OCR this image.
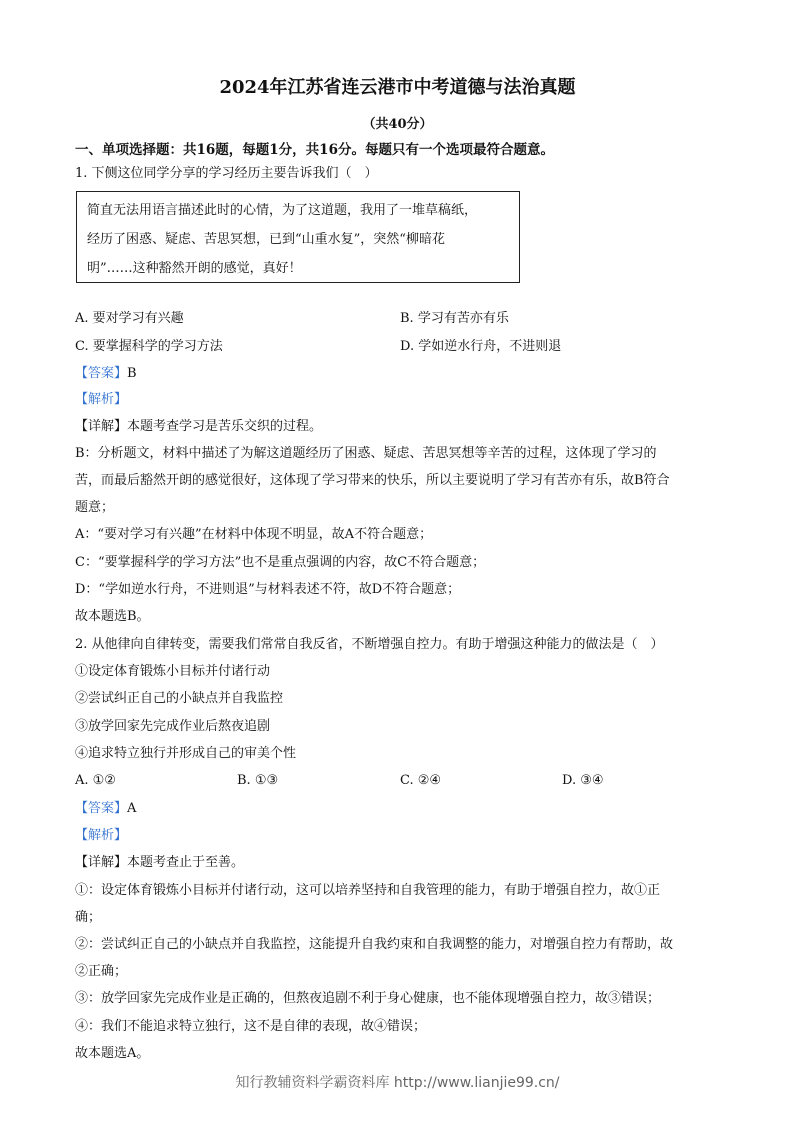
2024年江苏省连云港市中考道德与法治真题
（共40分）
一、单项选择题：共16题，每题1分，共16分。每题只有一个选项最符合题意。
1. 下侧这位同学分享的学习经历主要告诉我们（　）

简直无法用语言描述此时的心情，为了这道题，我用了一堆草稿纸，

经历了困惑、疑虑、苦思冥想，已到“山重水复”，突然“柳暗花

明”……这种豁然开朗的感觉，真好！

A. 要对学习有兴趣	B. 学习有苦亦有乐
C. 要掌握科学的学习方法	D. 学如逆水行舟，不进则退
【答案】B
【解析】
【详解】本题考查学习是苦乐交织的过程。
B：分析题文，材料中描述了为解这道题经历了困惑、疑虑、苦思冥想等辛苦的过程，这体现了学习的
苦，而最后豁然开朗的感觉很好，这体现了学习带来的快乐，所以主要说明了学习有苦亦有乐，故B符合
题意；
A：“要对学习有兴趣”在材料中体现不明显，故A不符合题意；
C：“要掌握科学的学习方法”也不是重点强调的内容，故C不符合题意；
D：“学如逆水行舟，不进则退”与材料表述不符，故D不符合题意；
故本题选B。
2. 从他律向自律转变，需要我们常常自我反省，不断增强自控力。有助于增强这种能力的做法是（　）
①设定体育锻炼小目标并付诸行动
②尝试纠正自己的小缺点并自我监控
③放学回家先完成作业后熬夜追剧
④追求特立独行并形成自己的审美个性
A. ①②	B. ①③	C. ②④	D. ③④
【答案】A
【解析】
【详解】本题考查止于至善。
①：设定体育锻炼小目标并付诸行动，这可以培养坚持和自我管理的能力，有助于增强自控力，故①正
确；
②：尝试纠正自己的小缺点并自我监控，这能提升自我约束和自我调整的能力，对增强自控力有帮助，故
②正确；
③：放学回家先完成作业是正确的，但熬夜追剧不利于身心健康，也不能体现增强自控力，故③错误；
④：我们不能追求特立独行，这不是自律的表现，故④错误；
故本题选A。
知行教辅资料学霸资料库 http://www.lianjie99.cn/
